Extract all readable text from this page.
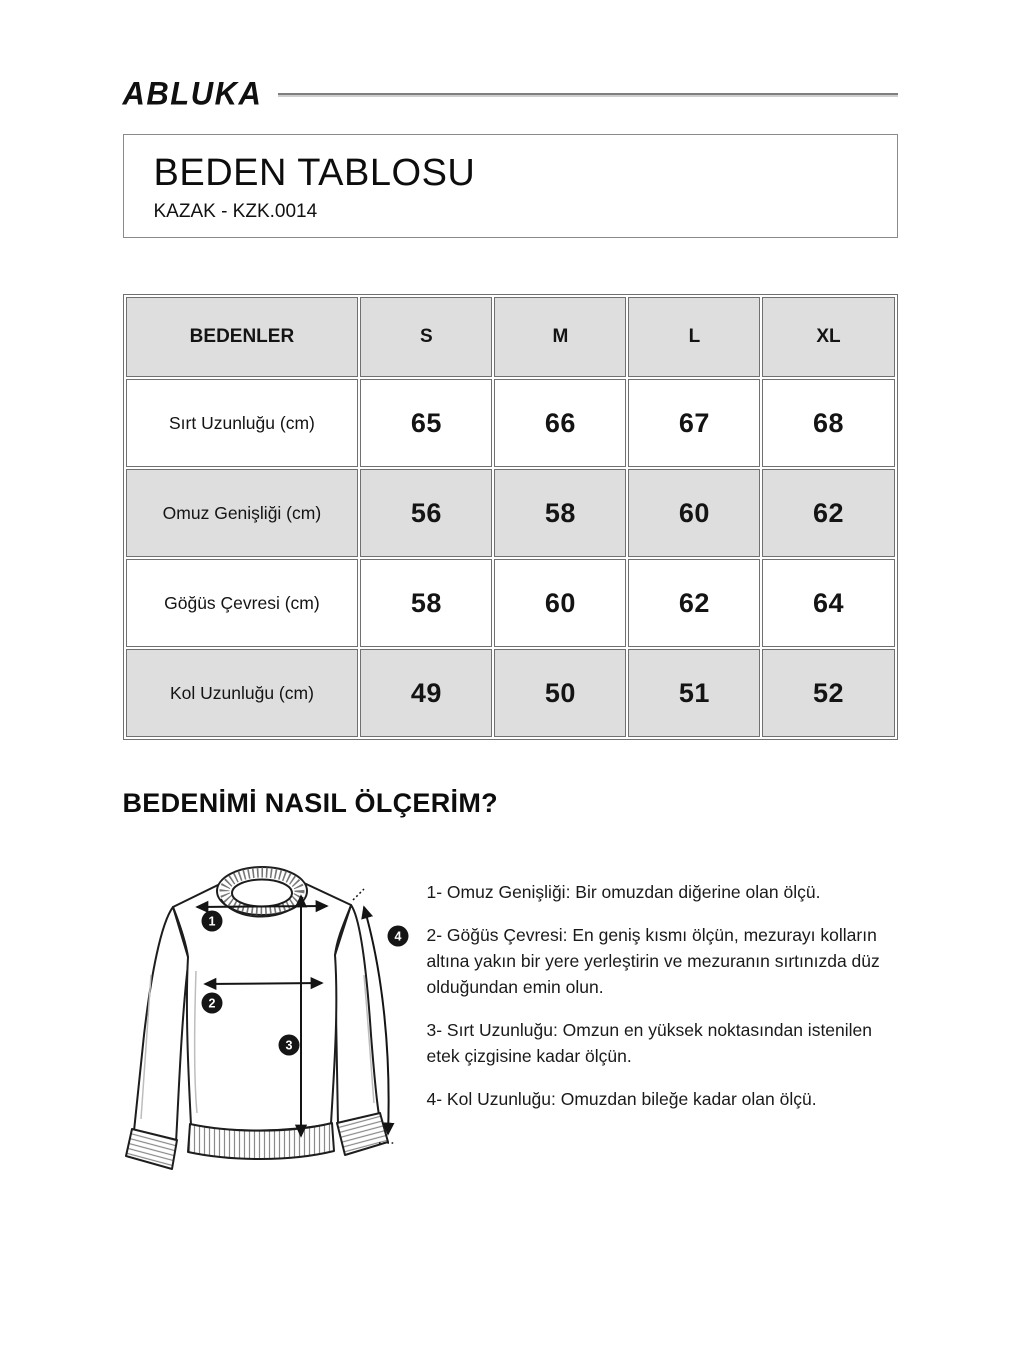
ABLUKA
BEDEN TABLOSU

KAZAK - KZK.0014

BEDENLER	S	M	L	XL
Sırt Uzunluğu (cm)	65	66	67	68
Omuz Genişliği (cm)	56	58	60	62
Göğüs Çevresi (cm)	58	60	62	64
Kol Uzunluğu (cm)	49	50	51	52
BEDENİMİ NASIL ÖLÇERİM?
1
2
3
4

1- Omuz Genişliği: Bir omuzdan diğerine olan ölçü.

2- Göğüs Çevresi: En geniş kısmı ölçün, mezurayı kolların altına yakın bir yere yerleştirin ve mezuranın sırtınızda düz olduğundan emin olun.

3- Sırt Uzunluğu: Omzun en yüksek noktasından istenilen etek çizgisine kadar ölçün.

4- Kol Uzunluğu: Omuzdan bileğe kadar olan ölçü.
